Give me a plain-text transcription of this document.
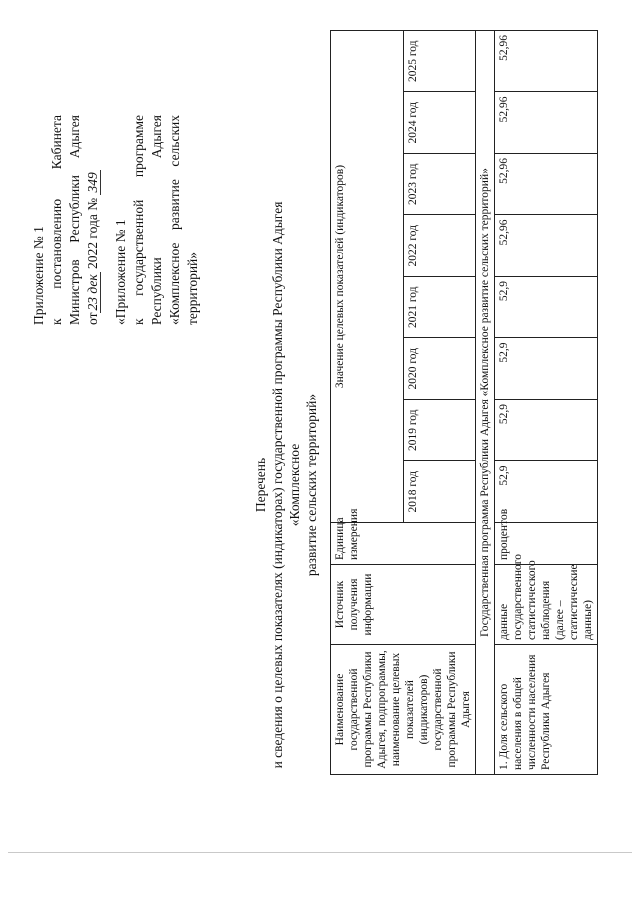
Приложение № 1 к
постановлению
Кабинета
Министров
Республики
Адыгея
от23 дек 2022 года № 349
«Приложение № 1 к
государственной
программе
Республики
Адыгея
«Комплексное
развитие
сельских
территорий»
Перечень и сведения о целевых показателях (индикаторах) государственной программы Республики Адыгея «Комплексное развитие сельских территорий»
Наименование государственной программы Республики Адыгея, подпрограммы, наименование целевых показателей (индикаторов) государственной программы Республики Адыгея	Источник получения информации	Единица измерения	Значение целевых показателей (индикаторов)							
			2018 год	2019 год	2020 год	2021 год	2022 год	2023 год	2024 год	2025 год
Государственная программа Республики Адыгея «Комплексное развитие сельских территорий»										
1. Доля сельского населения в общей численности населения Республики Адыгея	данные государственного статистического наблюдения (далее – статистические данные)	процентов	52,9	52,9	52,9	52,9	52,96	52,96	52,96	52,96
